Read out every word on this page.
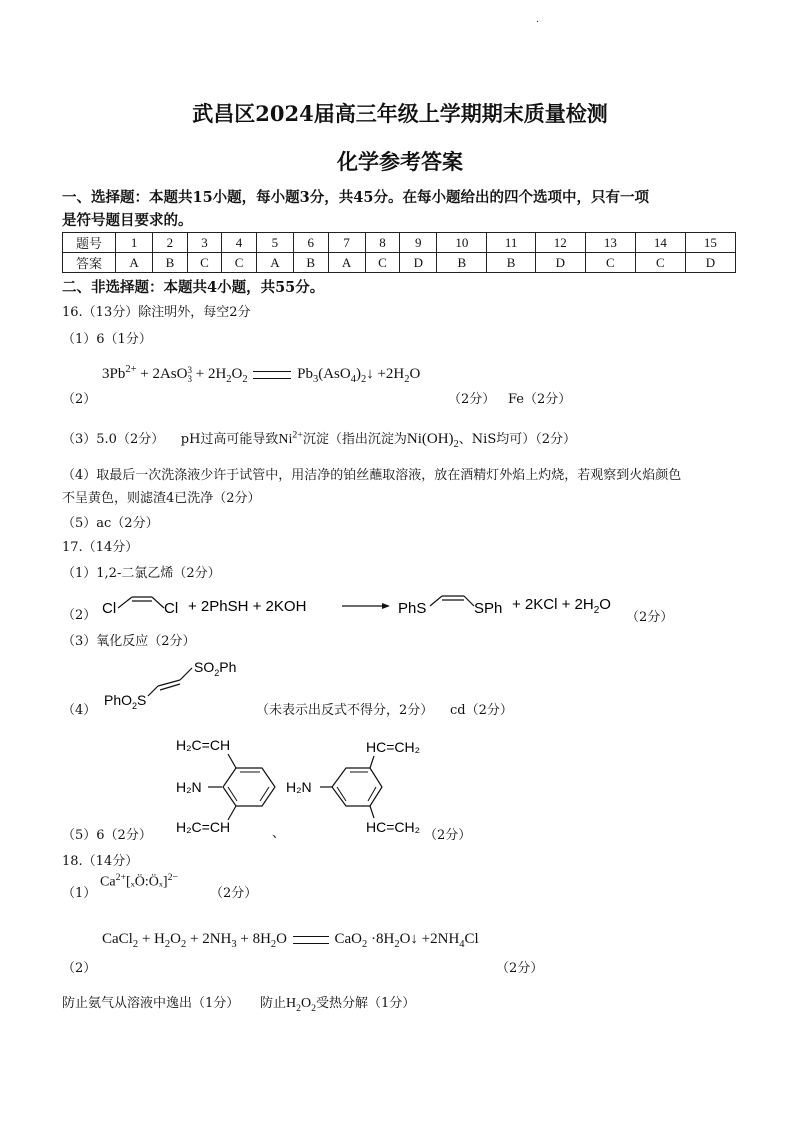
.
武昌区2024届高三年级上学期期末质量检测
化学参考答案
一、选择题：本题共15小题，每小题3分，共45分。在每小题给出的四个选项中，只有一项
是符号题目要求的。
题号	1	2	3	4	5	6	7	8	9	10	11	12	13	14	15
答案	A	B	C	C	A	B	A	C	D	B	B	D	C	C	D
二、非选择题：本题共4小题，共55分。
16.（13分）除注明外，每空2分
（1）6（1分）
$3Pb^{2+} + 2AsO$ 3
$3 + 2H_2O_2$	$Pb_3(AsO_4)_2↓ +2H_2O$
（2）	（2分） Fe（2分）
（3）5.0（2分） pH过高可能导致$Ni^{2+}$沉淀（指出沉淀为$Ni(OH)_2$、NiS均可）（2分）
（4）取最后一次洗涤液少许于试管中，用洁净的铂丝蘸取溶液，放在酒精灯外焰上灼烧，若观察到火焰颜色
不呈黄色，则滤渣4已洗净（2分）
（5）ac（2分）
17.（14分）
（1）1,2-二氯乙烯（2分）
（2） Cl	Cl + 2PhSH + 2KOH	PhS	SPh + $2KCl + 2H_2O$
（2分）
（3）氧化反应（2分）
（4）
$SO_2Ph$
PhO$_2$S
（未表示出反式不得分，2分） cd（2分）
H₂C=CH
H₂N
H₂C=CH
HC=CH₂
H₂N
HC=CH₂
（5）6（2分）	、	（2分）
18.（14分）
（1）
$Ca^{2+}[_xÖ:Ö_x]^{2-}$
（2分）
CaCl$_2$ + $H_2O_2 + 2NH_3 + 8H_2O$	$CaO_2 \cdot 8H_2O↓ +2NH_4Cl$
（2）	（2分）
防止氨气从溶液中逸出（1分） 防止$H_2O_2$受热分解（1分）
